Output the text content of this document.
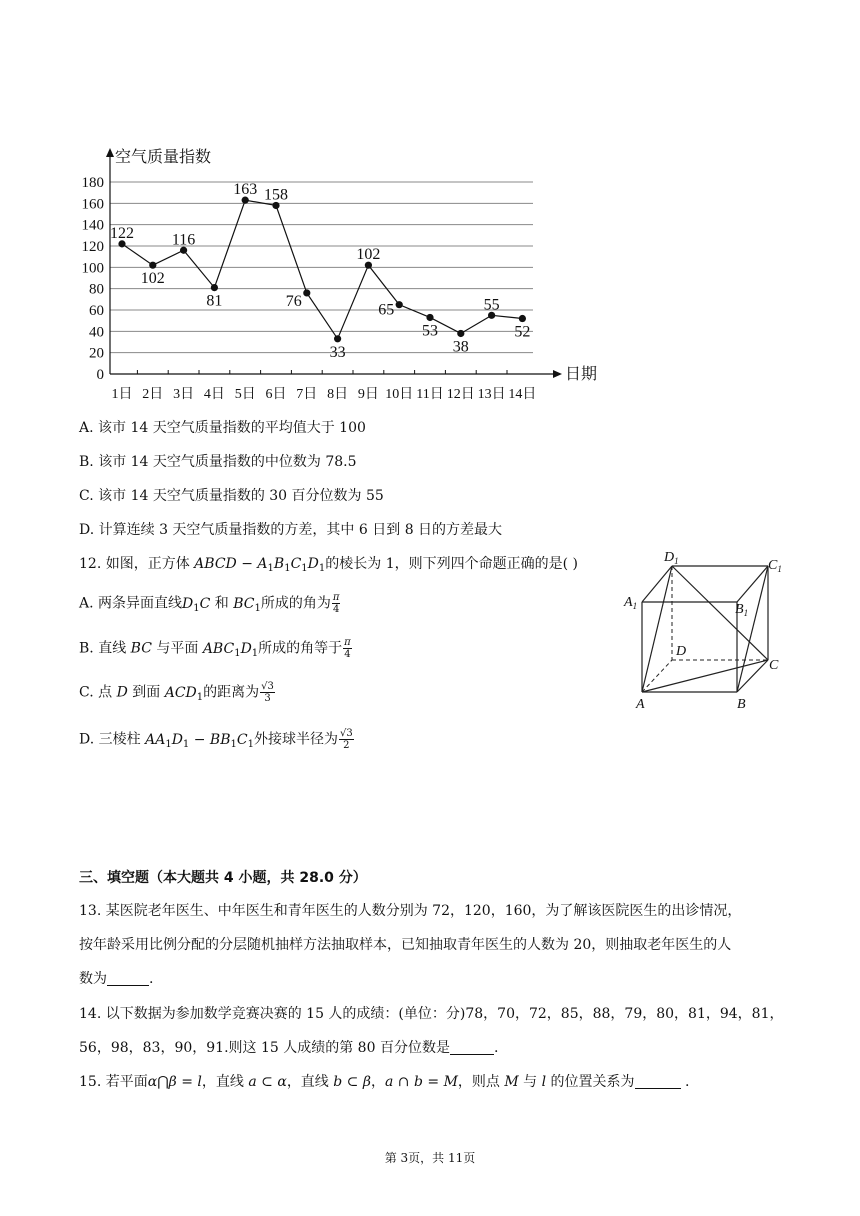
0
20
40
60
80
100
120
140
160
180
空气质量指数
日期
1日 2日 3日 4日 5日 6日 7日 8日 9日 10日 11日 12日 13日 14日
122
102
116
81
163 158
76
33
102
65
53
38
55
52
A. 该市 14 天空气质量指数的平均值大于 100
B. 该市 14 天空气质量指数的中位数为 78.5
C. 该市 14 天空气质量指数的 30 百分位数为 55
D. 计算连续 3 天空气质量指数的方差，其中 6 日到 8 日的方差最大
12. 如图，正方体 ABCD − $A_1B_1C_1D_1$的棱长为 1，则下列四个命题正确的是( )
A. 两条异面直线$D_1C$ 和 $BC_1$所成的角为 $\frac{\pi}{4}$
B. 直线 BC 与平面 $ABC_1D_1$所成的角等于 $\frac{\pi}{4}$
C. 点 D 到面 $ACD_1$的距离为 $\frac{√3}{3}$
D. 三棱柱 $AA_1D_1 - BB_1C_1$外接球半径为 $\frac{√3}{2}$
$D_1$	$C_1$
$A_1$	$B_1$
D
C
A	B
三、填空题（本大题共 4 小题，共 28.0 分）
13. 某医院老年医生、中年医生和青年医生的人数分别为 72，120，160，为了解该医院医生的出诊情况，
按年龄采用比例分配的分层随机抽样方法抽取样本，已知抽取青年医生的人数为 20，则抽取老年医生的人
数为	.
14. 以下数据为参加数学竞赛决赛的 15 人的成绩：(单位：分)78，70，72，85，88，79，80，81，94，81，
56，98，83，90，91.则这 15 人成绩的第 80 百分位数是	.
15. 若平面α⋂β = l，直线 a ⊂ α，直线 b ⊂ β，a ∩ b = M，则点 M 与 l 的位置关系为	.
第 3页，共 11页
